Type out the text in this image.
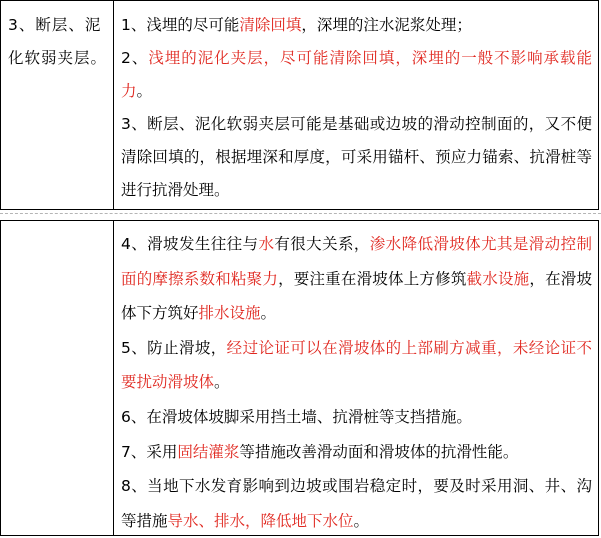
3、断层、泥化软弱夹层。

1、浅埋的尽可能清除回填，深埋的注水泥浆处理；

2、浅埋的泥化夹层，尽可能清除回填，深埋的一般不影响承载能力。

3、断层、泥化软弱夹层可能是基础或边坡的滑动控制面的，又不便清除回填的，根据埋深和厚度，可采用锚杆、预应力锚索、抗滑桩等进行抗滑处理。

4、滑坡发生往往与水有很大关系，渗水降低滑坡体尤其是滑动控制面的摩擦系数和粘聚力，要注重在滑坡体上方修筑截水设施，在滑坡体下方筑好排水设施。

5、防止滑坡，经过论证可以在滑坡体的上部刷方减重，未经论证不要扰动滑坡体。

6、在滑坡体坡脚采用挡土墙、抗滑桩等支挡措施。

7、采用固结灌浆等措施改善滑动面和滑坡体的抗滑性能。

8、当地下水发育影响到边坡或围岩稳定时，要及时采用洞、井、沟等措施导水、排水，降低地下水位。
